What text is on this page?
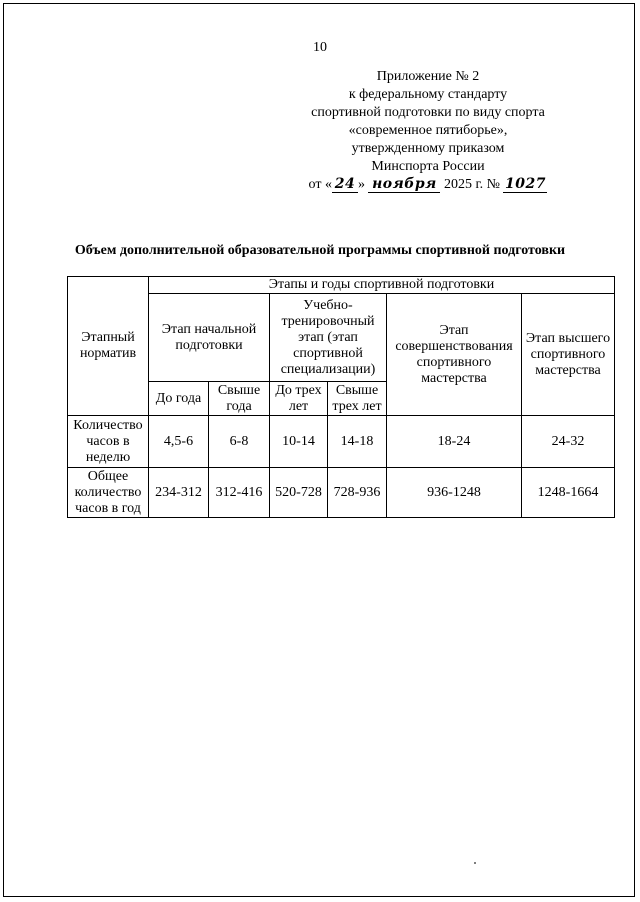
10
Приложение № 2
к федеральному стандарту
спортивной подготовки по виду спорта
«современное пятиборье»,
утвержденному приказом
Минспорта России
от « 24 » ноября 2025 г. № 1027
Объем дополнительной образовательной программы спортивной подготовки
Этапный норматив	Этапы и годы спортивной подготовки					
	Этап начальной подготовки		Учебно-тренировочный этап (этап спортивной специализации)		Этап совершенствования спортивного мастерства	Этап высшего спортивного мастерства
	До года	Свыше года	До трех лет	Свыше трех лет		
Количество часов в неделю	4,5-6	6-8	10-14	14-18	18-24	24-32
Общее количество часов в год	234-312	312-416	520-728	728-936	936-1248	1248-1664
